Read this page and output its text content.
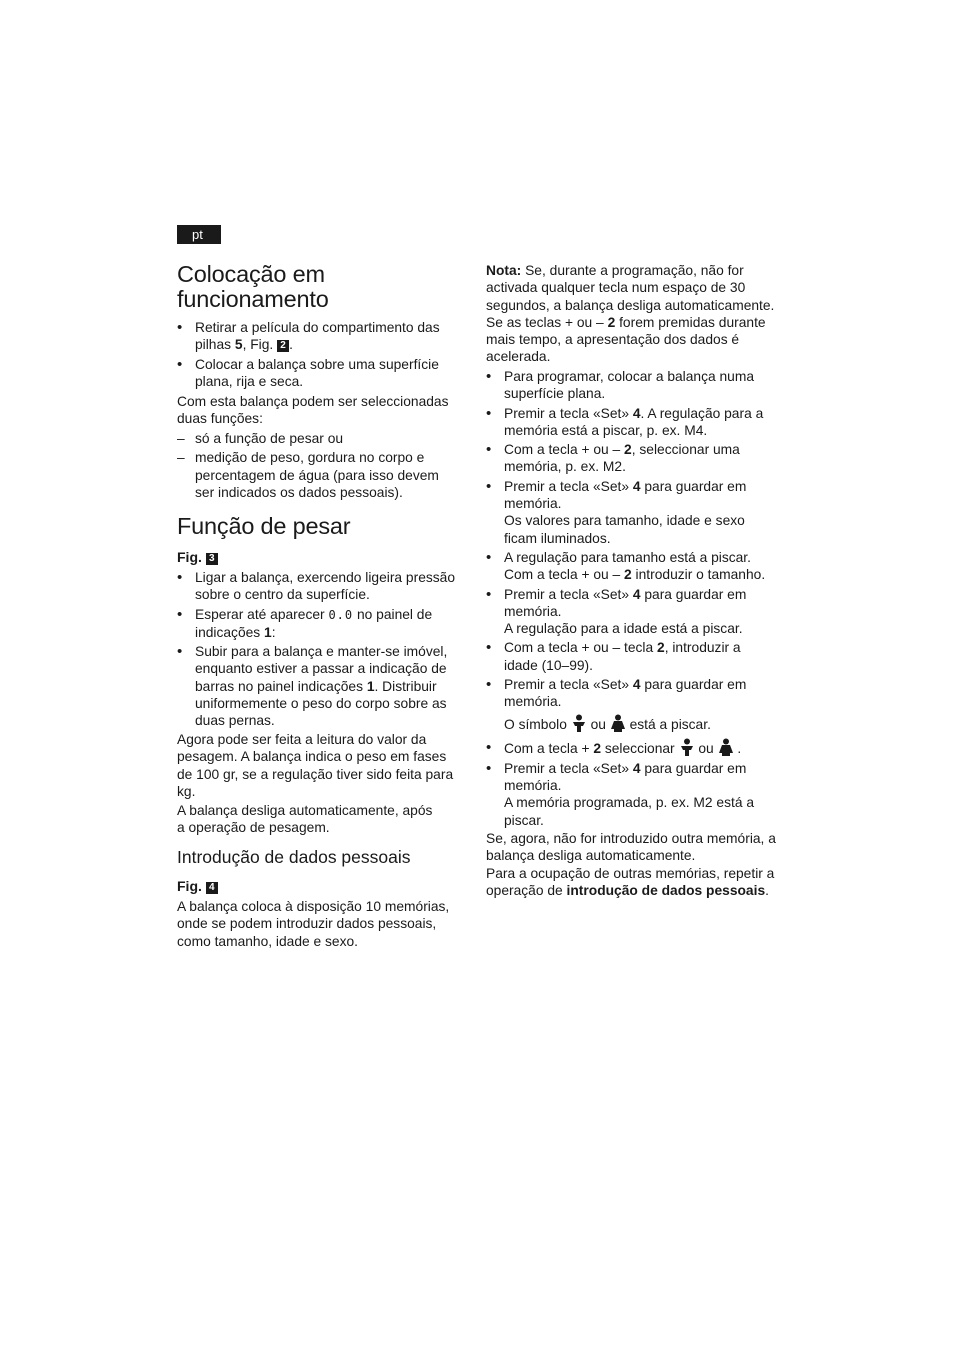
pt
Colocação em funcionamento
• Retirar a película do compartimento das pilhas 5, Fig. 2 .
• Colocar a balança sobre uma superfície plana, rija e seca.

Com esta balança podem ser seleccionadas duas funções:

– só a função de pesar ou
– medição de peso, gordura no corpo e percentagem de água (para isso devem ser indicados os dados pessoais).
Função de pesar
Fig. 3
• Ligar a balança, exercendo ligeira pressão sobre o centro da superfície.
• Esperar até aparecer 0.0 no painel de indicações 1:
• Subir para a balança e manter-se imóvel, enquanto estiver a passar a indicação de barras no painel indicações 1. Distribuir uniformemente o peso do corpo sobre as duas pernas.

Agora pode ser feita a leitura do valor da pesagem. A balança indica o peso em fases de 100 gr, se a regulação tiver sido feita para kg.

A balança desliga automaticamente, após a operação de pesagem.

Introdução de dados pessoais
Fig. 4

A balança coloca à disposição 10 memórias, onde se podem introduzir dados pessoais, como tamanho, idade e sexo.

Nota: Se, durante a programação, não for activada qualquer tecla num espaço de 30 segundos, a balança desliga automaticamente. Se as teclas + ou – 2 forem premidas durante mais tempo, a apresentação dos dados é acelerada.

• Para programar, colocar a balança numa superfície plana.
• Premir a tecla «Set» 4. A regulação para a memória está a piscar, p. ex. M4.
• Com a tecla + ou – 2, seleccionar uma memória, p. ex. M2.
• Premir a tecla «Set» 4 para guardar em memória.
Os valores para tamanho, idade e sexo ficam iluminados.
• A regulação para tamanho está a piscar. Com a tecla + ou – 2 introduzir o tamanho.
• Premir a tecla «Set» 4 para guardar em memória.
A regulação para a idade está a piscar.
• Com a tecla + ou – tecla 2, introduzir a idade (10–99).
• Premir a tecla «Set» 4 para guardar em memória.
O símbolo ou está a piscar.
• Com a tecla + 2 seleccionar ou .
• Premir a tecla «Set» 4 para guardar em memória.
A memória programada, p. ex. M2 está a piscar.

Se, agora, não for introduzido outra memória, a balança desliga automaticamente.

Para a ocupação de outras memórias, repetir a operação de introdução de dados pessoais.
